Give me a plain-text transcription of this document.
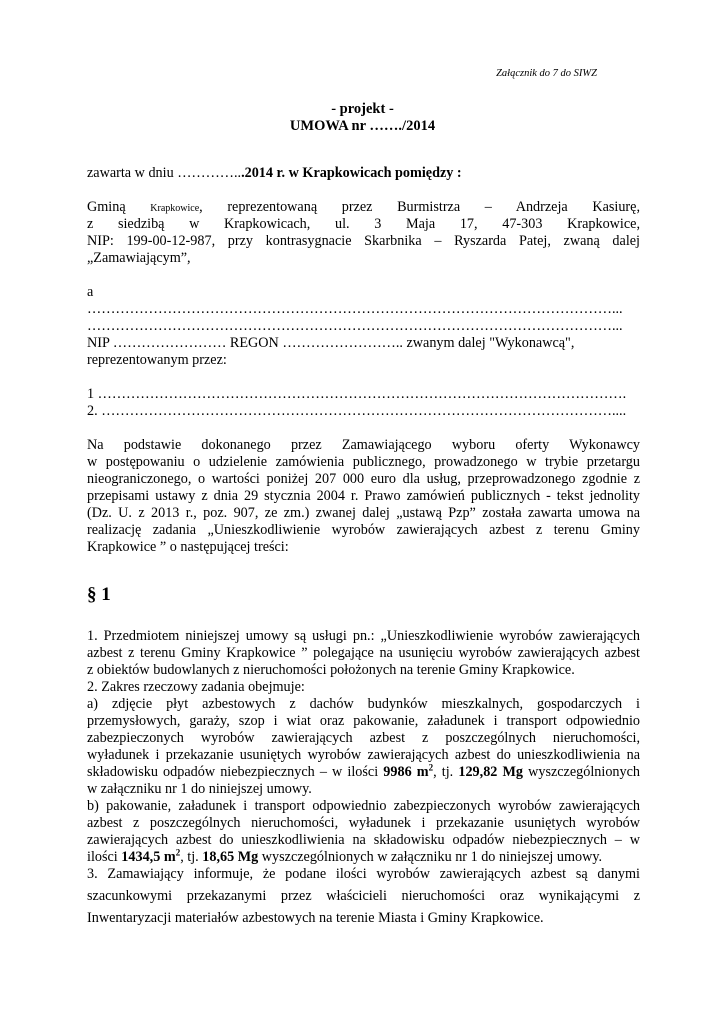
Załącznik do 7 do SIWZ
- projekt -
UMOWA nr ……./2014
zawarta w dniu …………...2014 r. w Krapkowicach pomiędzy :
Gminą Krapkowice, reprezentowaną przez Burmistrza – Andrzeja Kasiurę,
z siedzibą w Krapkowicach, ul. 3 Maja 17, 47-303 Krapkowice,
NIP: 199-00-12-987, przy kontrasygnacie Skarbnika – Ryszarda Patej, zwaną dalej
„Zamawiającym”,
a
…………………………………………………………………………………………………...
…………………………………………………………………………………………………...
NIP …………………… REGON …………………….. zwanym dalej "Wykonawcą",
reprezentowanym przez:
1 ………………………………………………………………………………………………….
2. ………………………………………………………………………………………………....
Na podstawie dokonanego przez Zamawiającego wyboru oferty Wykonawcy
w postępowaniu o udzielenie zamówienia publicznego, prowadzonego w trybie przetargu
nieograniczonego, o wartości poniżej 207 000 euro dla usług, przeprowadzonego zgodnie z
przepisami ustawy z dnia 29 stycznia 2004 r. Prawo zamówień publicznych - tekst jednolity
(Dz. U. z 2013 r., poz. 907, ze zm.) zwanej dalej „ustawą Pzp” została zawarta umowa na
realizację zadania „Unieszkodliwienie wyrobów zawierających azbest z terenu Gminy
Krapkowice ” o następującej treści:
§ 1
1. Przedmiotem niniejszej umowy są usługi pn.: „Unieszkodliwienie wyrobów zawierających
azbest z terenu Gminy Krapkowice ” polegające na usunięciu wyrobów zawierających azbest
z obiektów budowlanych z nieruchomości położonych na terenie Gminy Krapkowice.
2. Zakres rzeczowy zadania obejmuje:
a) zdjęcie płyt azbestowych z dachów budynków mieszkalnych, gospodarczych i
przemysłowych, garaży, szop i wiat oraz pakowanie, załadunek i transport odpowiednio
zabezpieczonych wyrobów zawierających azbest z poszczególnych nieruchomości,
wyładunek i przekazanie usuniętych wyrobów zawierających azbest do unieszkodliwienia na
składowisku odpadów niebezpiecznych – w ilości 9986 $m^2$, tj. 129,82 Mg wyszczególnionych
w załączniku nr 1 do niniejszej umowy.
b) pakowanie, załadunek i transport odpowiednio zabezpieczonych wyrobów zawierających
azbest z poszczególnych nieruchomości, wyładunek i przekazanie usuniętych wyrobów
zawierających azbest do unieszkodliwienia na składowisku odpadów niebezpiecznych – w
ilości 1434,5 $m^2$, tj. 18,65 Mg wyszczególnionych w załączniku nr 1 do niniejszej umowy.
3. Zamawiający informuje, że podane ilości wyrobów zawierających azbest są danymi
szacunkowymi przekazanymi przez właścicieli nieruchomości oraz wynikającymi z
Inwentaryzacji materiałów azbestowych na terenie Miasta i Gminy Krapkowice.
